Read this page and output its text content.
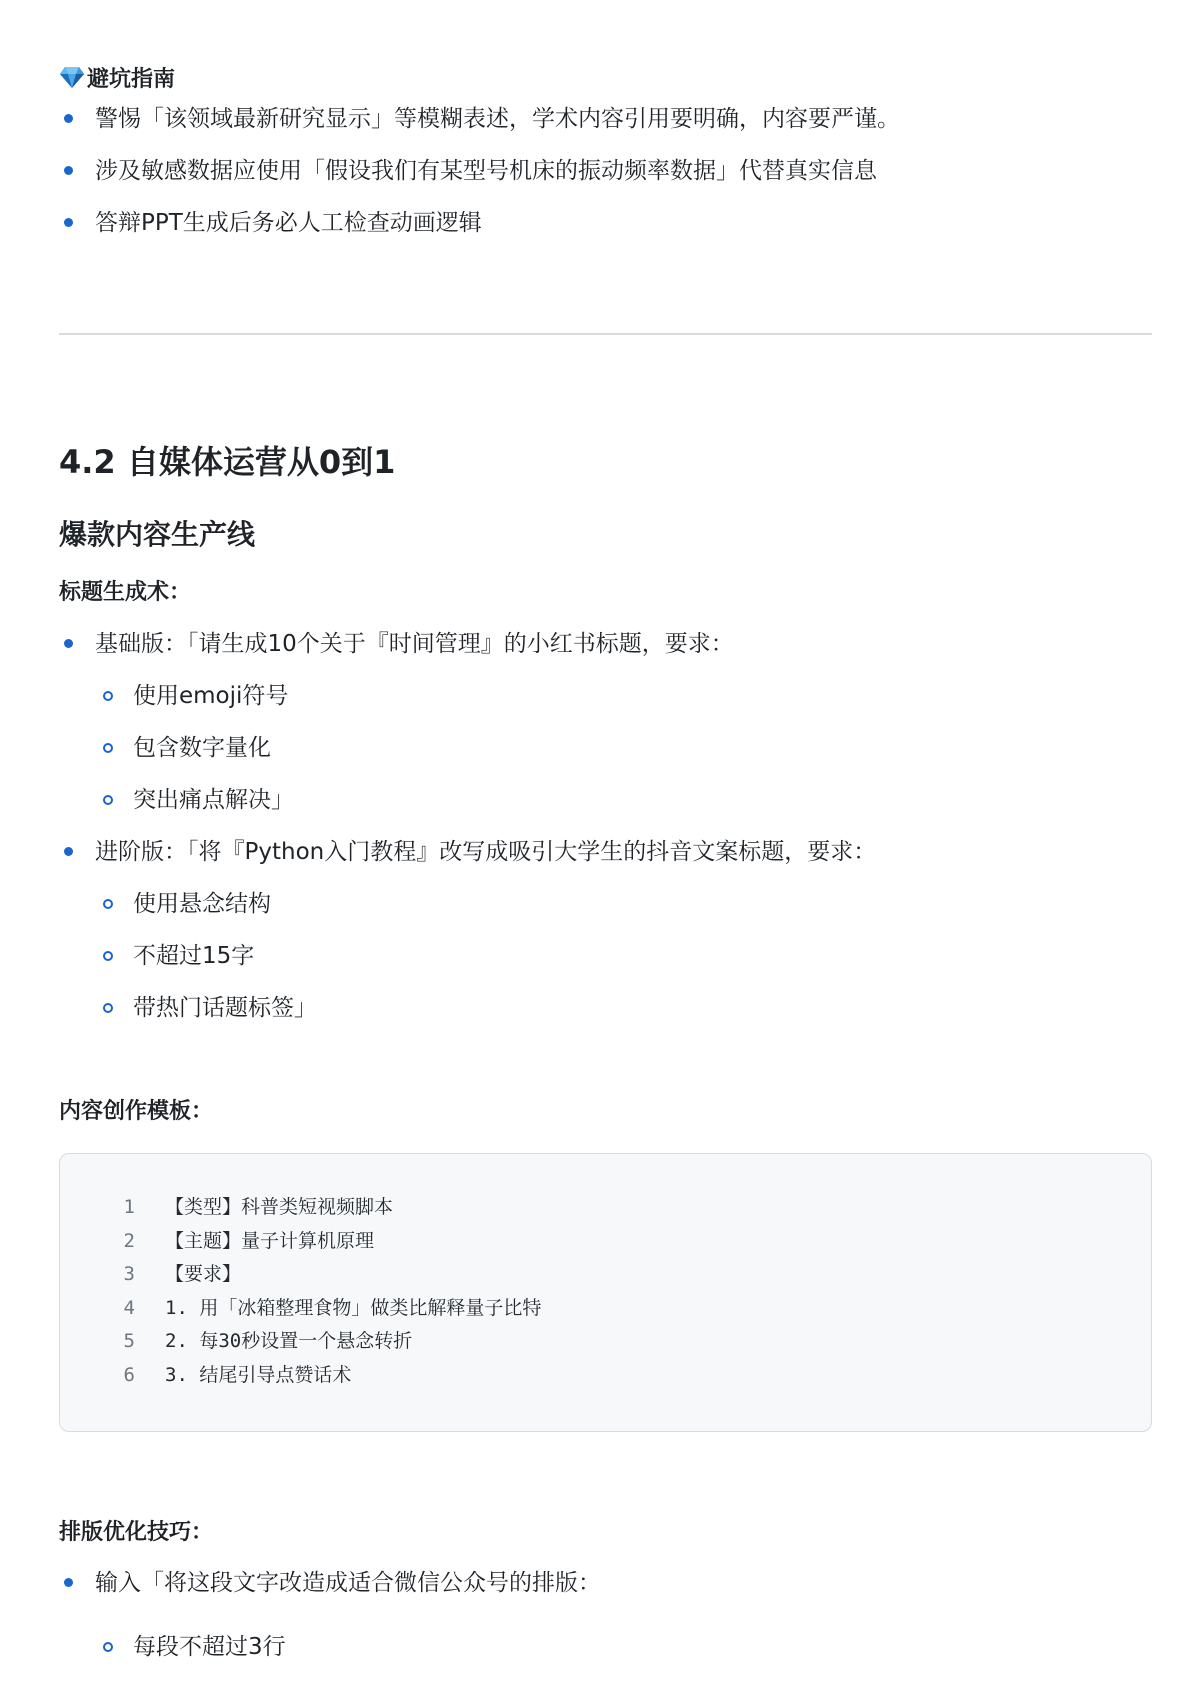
避坑指南
警惕「该领域最新研究显示」等模糊表述，学术内容引用要明确，内容要严谨。
涉及敏感数据应使用「假设我们有某型号机床的振动频率数据」代替真实信息
答辩PPT生成后务必人工检查动画逻辑
4.2 自媒体运营从0到1
爆款内容生产线
标题生成术：
基础版：「请生成10个关于『时间管理』的小红书标题，要求：
使用emoji符号
包含数字量化
突出痛点解决」
进阶版：「将『Python入门教程』改写成吸引大学生的抖音文案标题，要求：
使用悬念结构
不超过15字
带热门话题标签」
内容创作模板：
1 【类型】科普类短视频脚本
2 【主题】量子计算机原理
3 【要求】
4 1. 用「冰箱整理食物」做类比解释量子比特
5 2. 每30秒设置一个悬念转折
6 3. 结尾引导点赞话术
排版优化技巧：
输入「将这段文字改造成适合微信公众号的排版：
每段不超过3行
